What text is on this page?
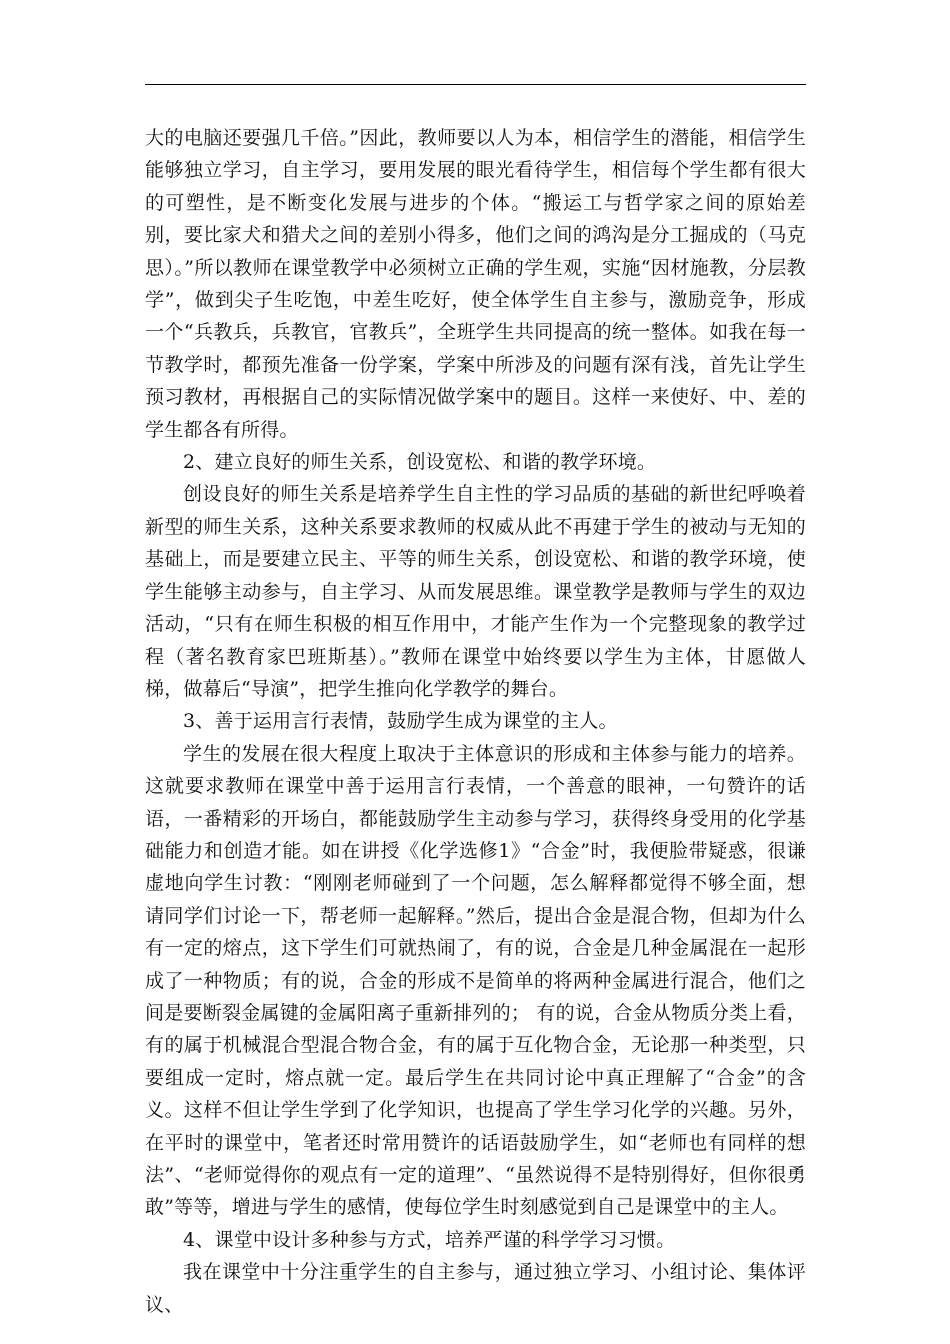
大的电脑还要强几千倍。”因此，教师要以人为本，相信学生的潜能，相信学生能够独立学习，自主学习，要用发展的眼光看待学生，相信每个学生都有很大的可塑性，是不断变化发展与进步的个体。“搬运工与哲学家之间的原始差别，要比家犬和猎犬之间的差别小得多，他们之间的鸿沟是分工掘成的（马克思）。”所以教师在课堂教学中必须树立正确的学生观，实施“因材施教，分层教学”，做到尖子生吃饱，中差生吃好，使全体学生自主参与，激励竞争，形成一个“兵教兵，兵教官，官教兵”，全班学生共同提高的统一整体。如我在每一节教学时，都预先准备一份学案，学案中所涉及的问题有深有浅，首先让学生预习教材，再根据自己的实际情况做学案中的题目。这样一来使好、中、差的学生都各有所得。

2、建立良好的师生关系，创设宽松、和谐的教学环境。

创设良好的师生关系是培养学生自主性的学习品质的基础的新世纪呼唤着新型的师生关系，这种关系要求教师的权威从此不再建于学生的被动与无知的基础上，而是要建立民主、平等的师生关系，创设宽松、和谐的教学环境，使学生能够主动参与，自主学习、从而发展思维。课堂教学是教师与学生的双边活动，“只有在师生积极的相互作用中，才能产生作为一个完整现象的教学过程（著名教育家巴班斯基）。”教师在课堂中始终要以学生为主体，甘愿做人梯，做幕后“导演”，把学生推向化学教学的舞台。

3、善于运用言行表情，鼓励学生成为课堂的主人。

学生的发展在很大程度上取决于主体意识的形成和主体参与能力的培养。这就要求教师在课堂中善于运用言行表情，一个善意的眼神，一句赞许的话语，一番精彩的开场白，都能鼓励学生主动参与学习，获得终身受用的化学基础能力和创造才能。如在讲授《化学选修1》“合金”时，我便脸带疑惑，很谦虚地向学生讨教：“刚刚老师碰到了一个问题，怎么解释都觉得不够全面，想请同学们讨论一下，帮老师一起解释。”然后，提出合金是混合物，但却为什么有一定的熔点，这下学生们可就热闹了，有的说，合金是几种金属混在一起形成了一种物质；有的说，合金的形成不是简单的将两种金属进行混合，他们之间是要断裂金属键的金属阳离子重新排列的； 有的说，合金从物质分类上看，有的属于机械混合型混合物合金，有的属于互化物合金，无论那一种类型，只要组成一定时，熔点就一定。最后学生在共同讨论中真正理解了“合金”的含义。这样不但让学生学到了化学知识，也提高了学生学习化学的兴趣。另外，在平时的课堂中，笔者还时常用赞许的话语鼓励学生，如“老师也有同样的想法”、“老师觉得你的观点有一定的道理”、“虽然说得不是特别得好，但你很勇敢”等等，增进与学生的感情，使每位学生时刻感觉到自己是课堂中的主人。

4、课堂中设计多种参与方式，培养严谨的科学学习习惯。

我在课堂中十分注重学生的自主参与，通过独立学习、小组讨论、集体评议、
